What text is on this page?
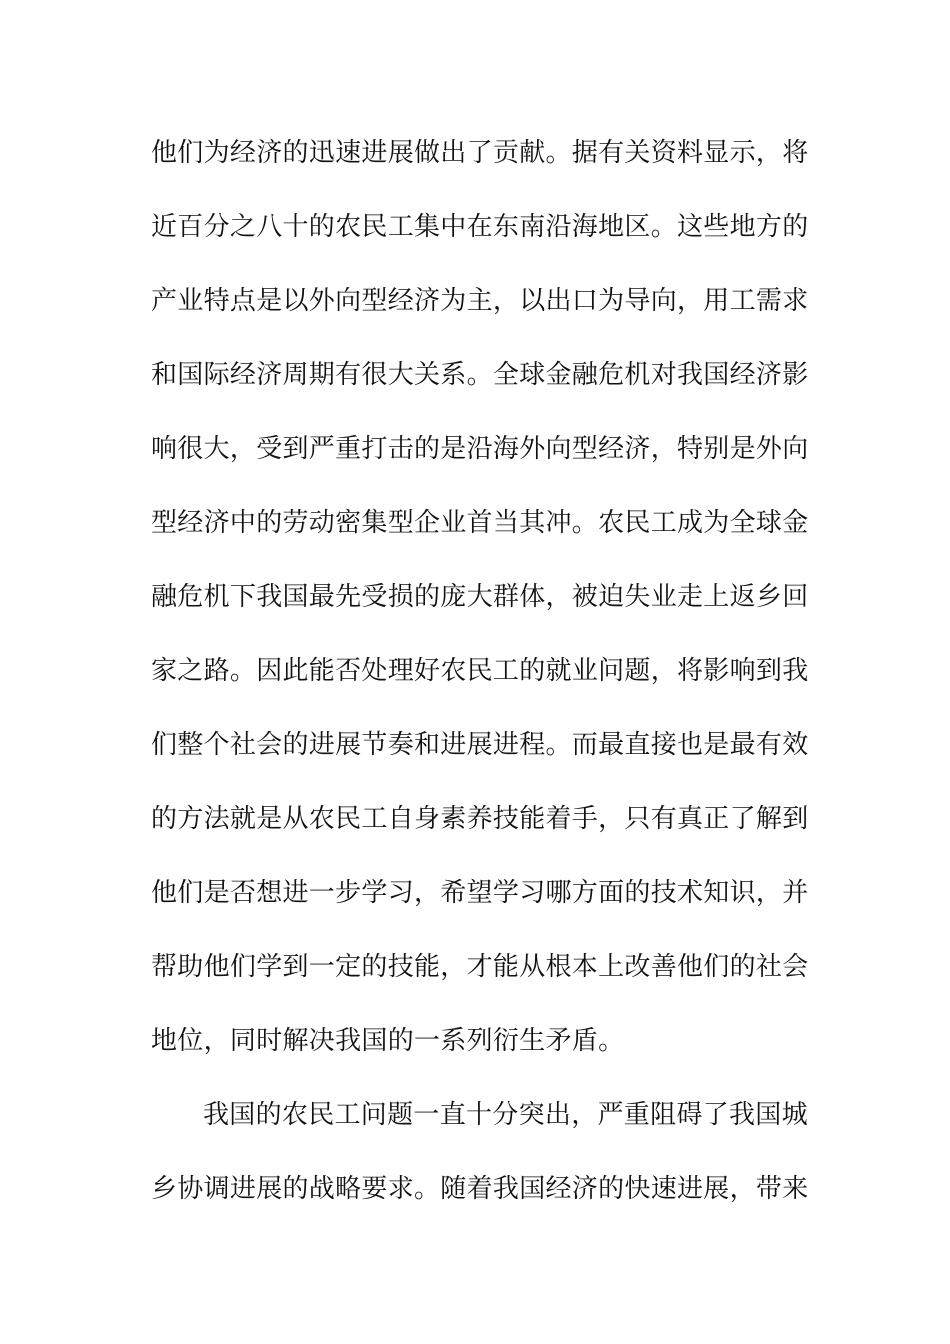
他们为经济的迅速进展做出了贡献。据有关资料显示，将
近百分之八十的农民工集中在东南沿海地区。这些地方的
产业特点是以外向型经济为主，以出口为导向，用工需求
和国际经济周期有很大关系。全球金融危机对我国经济影
响很大，受到严重打击的是沿海外向型经济，特别是外向
型经济中的劳动密集型企业首当其冲。农民工成为全球金
融危机下我国最先受损的庞大群体，被迫失业走上返乡回
家之路。因此能否处理好农民工的就业问题，将影响到我
们整个社会的进展节奏和进展进程。而最直接也是最有效
的方法就是从农民工自身素养技能着手，只有真正了解到
他们是否想进一步学习，希望学习哪方面的技术知识，并
帮助他们学到一定的技能，才能从根本上改善他们的社会
地位，同时解决我国的一系列衍生矛盾。
我国的农民工问题一直十分突出，严重阻碍了我国城
乡协调进展的战略要求。随着我国经济的快速进展，带来
